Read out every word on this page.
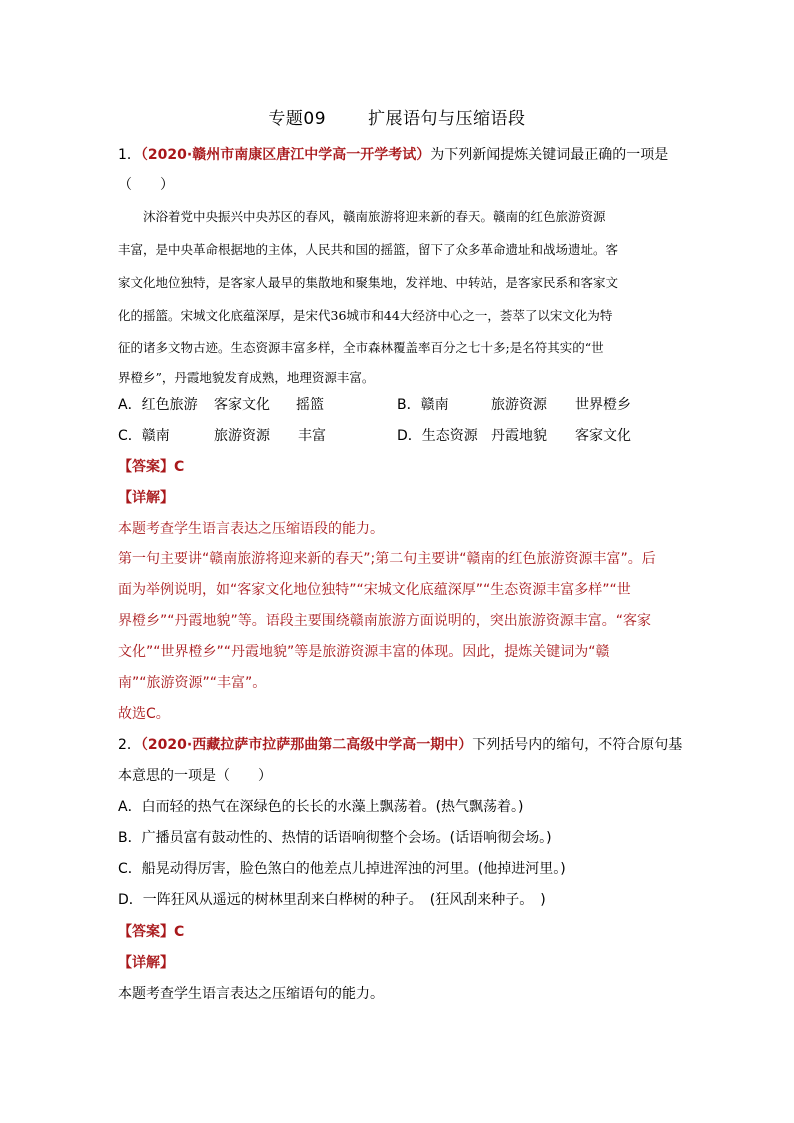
专题09 扩展语句与压缩语段
1．（2020·赣州市南康区唐江中学高一开学考试）为下列新闻提炼关键词最正确的一项是
（　　）
　　沐浴着党中央振兴中央苏区的春风，赣南旅游将迎来新的春天。赣南的红色旅游资源
丰富，是中央革命根据地的主体，人民共和国的摇篮，留下了众多革命遗址和战场遗址。客
家文化地位独特，是客家人最早的集散地和聚集地，发祥地、中转站，是客家民系和客家文
化的摇篮。宋城文化底蕴深厚，是宋代36城市和44大经济中心之一，荟萃了以宋文化为特
征的诸多文物古迹。生态资源丰富多样，全市森林覆盖率百分之七十多;是名符其实的“世
界橙乡”，丹霞地貌发育成熟，地理资源丰富。
A．红色旅游 客家文化 摇篮	B．赣南	旅游资源 世界橙乡
C．赣南	旅游资源 丰富	D．生态资源 丹霞地貌 客家文化
【答案】C
【详解】
本题考查学生语言表达之压缩语段的能力。
第一句主要讲“赣南旅游将迎来新的春天”;第二句主要讲“赣南的红色旅游资源丰富”。后
面为举例说明，如“客家文化地位独特”“宋城文化底蕴深厚”“生态资源丰富多样”“世
界橙乡”“丹霞地貌”等。语段主要围绕赣南旅游方面说明的，突出旅游资源丰富。“客家
文化”“世界橙乡”“丹霞地貌”等是旅游资源丰富的体现。因此，提炼关键词为“赣
南”“旅游资源”“丰富”。
故选C。
2．（2020·西藏拉萨市拉萨那曲第二高级中学高一期中）下列括号内的缩句，不符合原句基
本意思的一项是（　　）
A．白而轻的热气在深绿色的长长的水藻上飘荡着。(热气飘荡着。)
B．广播员富有鼓动性的、热情的话语响彻整个会场。(话语响彻会场。)
C．船晃动得厉害，脸色煞白的他差点儿掉进浑浊的河里。(他掉进河里。)
D．一阵狂风从遥远的树林里刮来白桦树的种子。　(狂风刮来种子。　)
【答案】C
【详解】
本题考查学生语言表达之压缩语句的能力。
